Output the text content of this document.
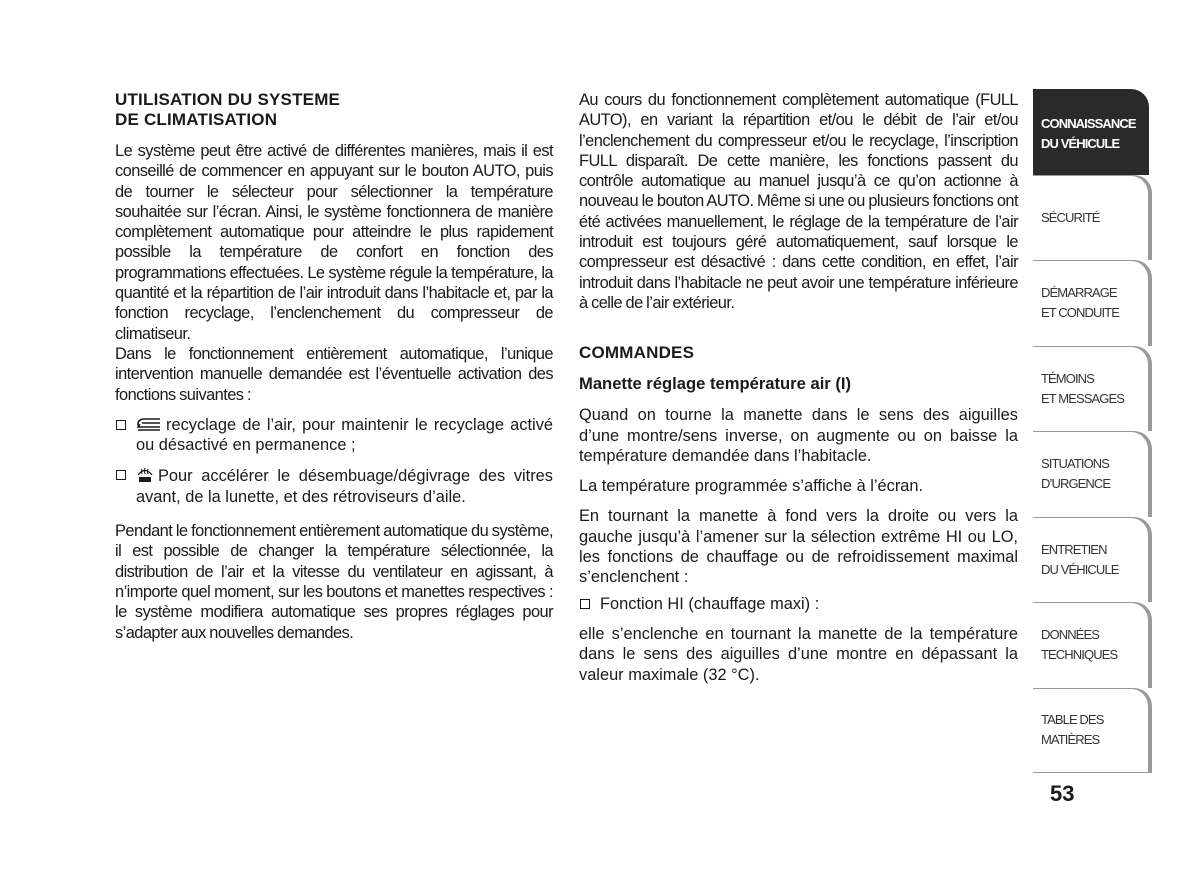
UTILISATION DU SYSTEME
DE CLIMATISATION

Le système peut être activé de différentes manières, mais il est conseillé de commencer en appuyant sur le bouton AUTO, puis de tourner le sélecteur pour sélectionner la température souhaitée sur l’écran. Ainsi, le système fonctionnera de manière complètement automatique pour atteindre le plus rapidement possible la température de confort en fonction des programmations effectuées. Le système régule la température, la quantité et la répartition de l’air introduit dans l’habitacle et, par la fonction recyclage, l’enclenchement du compresseur de climatiseur.

Dans le fonctionnement entièrement automatique, l’unique intervention manuelle demandée est l’éventuelle activation des fonctions suivantes :

recyclage de l’air, pour maintenir le recyclage activé ou désactivé en permanence ;
Pour accélérer le désembuage/dégivrage des vitres avant, de la lunette, et des rétroviseurs d’aile.

Pendant le fonctionnement entièrement automatique du système, il est possible de changer la température sélectionnée, la distribution de l’air et la vitesse du ventilateur en agissant, à n’importe quel moment, sur les boutons et manettes respectives : le système modifiera automatique ses propres réglages pour s’adapter aux nouvelles demandes.

Au cours du fonctionnement complètement automatique (FULL AUTO), en variant la répartition et/ou le débit de l’air et/ou l’enclenchement du compresseur et/ou le recyclage, l’inscription FULL disparaît. De cette manière, les fonctions passent du contrôle automatique au manuel jusqu’à ce qu’on actionne à nouveau le bouton AUTO. Même si une ou plusieurs fonctions ont été activées manuellement, le réglage de la température de l’air introduit est toujours géré automatiquement, sauf lorsque le compresseur est désactivé : dans cette condition, en effet, l’air introduit dans l’habitacle ne peut avoir une température inférieure à celle de l’air extérieur.

COMMANDES
Manette réglage température air (I)

Quand on tourne la manette dans le sens des aiguilles d’une montre/sens inverse, on augmente ou on baisse la température demandée dans l’habitacle.

La température programmée s’affiche à l’écran.

En tournant la manette à fond vers la droite ou vers la gauche jusqu’à l’amener sur la sélection extrême HI ou LO, les fonctions de chauffage ou de refroidissement maximal s’enclenchent :

Fonction HI (chauffage maxi) :

elle s’enclenche en tournant la manette de la température dans le sens des aiguilles d’une montre en dépassant la valeur maximale (32 °C).

CONNAISSANCE
DU VÉHICULE
SÉCURITÉ
DÉMARRAGE
ET CONDUITE
TÉMOINS
ET MESSAGES
SITUATIONS
D’URGENCE
ENTRETIEN
DU VÉHICULE
DONNÉES
TECHNIQUES
TABLE DES
MATIÈRES
53
